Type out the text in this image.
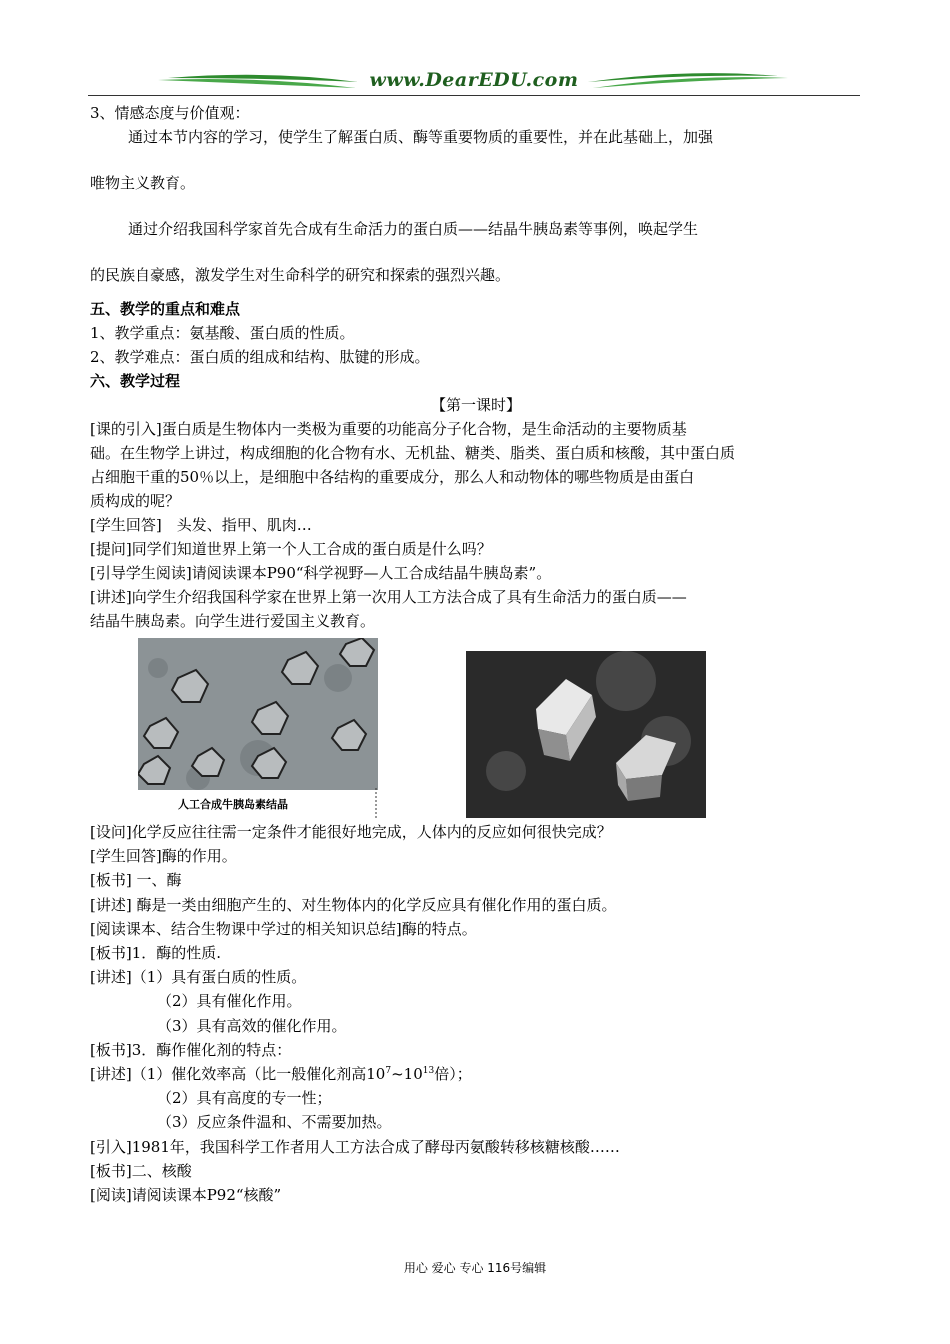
www.DearEDU.com
3、情感态度与价值观：
通过本节内容的学习，使学生了解蛋白质、酶等重要物质的重要性，并在此基础上，加强
唯物主义教育。
通过介绍我国科学家首先合成有生命活力的蛋白质——结晶牛胰岛素等事例，唤起学生
的民族自豪感，激发学生对生命科学的研究和探索的强烈兴趣。
五、教学的重点和难点
1、教学重点：氨基酸、蛋白质的性质。
2、教学难点：蛋白质的组成和结构、肽键的形成。
六、教学过程
【第一课时】
[课的引入]蛋白质是生物体内一类极为重要的功能高分子化合物，是生命活动的主要物质基
础。在生物学上讲过，构成细胞的化合物有水、无机盐、糖类、脂类、蛋白质和核酸，其中蛋白质
占细胞干重的50％以上，是细胞中各结构的重要成分，那么人和动物体的哪些物质是由蛋白
质构成的呢？
[学生回答]　头发、指甲、肌肉…
[提问]同学们知道世界上第一个人工合成的蛋白质是什么吗？
[引导学生阅读]请阅读课本P90“科学视野—人工合成结晶牛胰岛素”。
[讲述]向学生介绍我国科学家在世界上第一次用人工方法合成了具有生命活力的蛋白质——
结晶牛胰岛素。向学生进行爱国主义教育。
人工合成牛胰岛素结晶
[设问]化学反应往往需一定条件才能很好地完成，人体内的反应如何很快完成？
[学生回答]酶的作用。
[板书] 一、酶
[讲述] 酶是一类由细胞产生的、对生物体内的化学反应具有催化作用的蛋白质。
[阅读课本、结合生物课中学过的相关知识总结]酶的特点。
[板书]1．酶的性质.
[讲述]（1）具有蛋白质的性质。
（2）具有催化作用。
（3）具有高效的催化作用。
[板书]3．酶作催化剂的特点：
[讲述]（1）催化效率高（比一般催化剂高$10^7\sim 10^{13}$倍）；
（2）具有高度的专一性；
（3）反应条件温和、不需要加热。
[引入]1981年，我国科学工作者用人工方法合成了酵母丙氨酸转移核糖核酸……
[板书]二、核酸
[阅读]请阅读课本P92“核酸”
用心 爱心 专心 116号编辑
